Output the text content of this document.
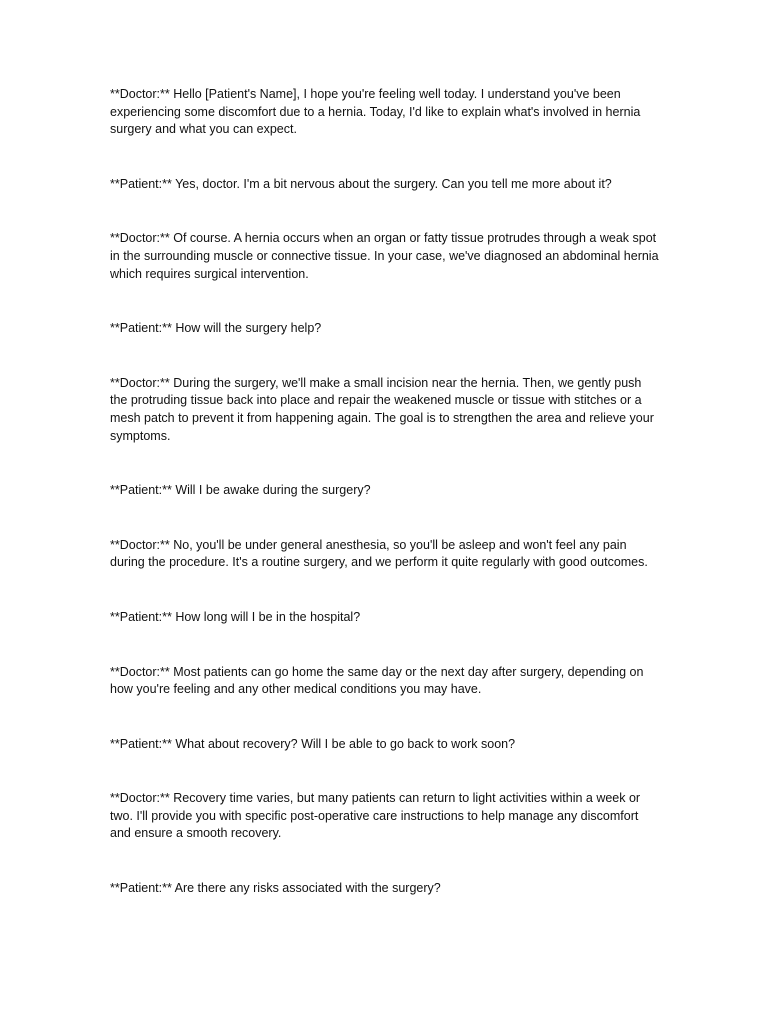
**Doctor:** Hello [Patient's Name], I hope you're feeling well today. I understand you've been experiencing some discomfort due to a hernia. Today, I'd like to explain what's involved in hernia surgery and what you can expect.

**Patient:** Yes, doctor. I'm a bit nervous about the surgery. Can you tell me more about it?

**Doctor:** Of course. A hernia occurs when an organ or fatty tissue protrudes through a weak spot in the surrounding muscle or connective tissue. In your case, we've diagnosed an abdominal hernia which requires surgical intervention.

**Patient:** How will the surgery help?

**Doctor:** During the surgery, we'll make a small incision near the hernia. Then, we gently push the protruding tissue back into place and repair the weakened muscle or tissue with stitches or a mesh patch to prevent it from happening again. The goal is to strengthen the area and relieve your symptoms.

**Patient:** Will I be awake during the surgery?

**Doctor:** No, you'll be under general anesthesia, so you'll be asleep and won't feel any pain during the procedure. It's a routine surgery, and we perform it quite regularly with good outcomes.

**Patient:** How long will I be in the hospital?

**Doctor:** Most patients can go home the same day or the next day after surgery, depending on how you're feeling and any other medical conditions you may have.

**Patient:** What about recovery? Will I be able to go back to work soon?

**Doctor:** Recovery time varies, but many patients can return to light activities within a week or two. I'll provide you with specific post-operative care instructions to help manage any discomfort and ensure a smooth recovery.

**Patient:** Are there any risks associated with the surgery?
